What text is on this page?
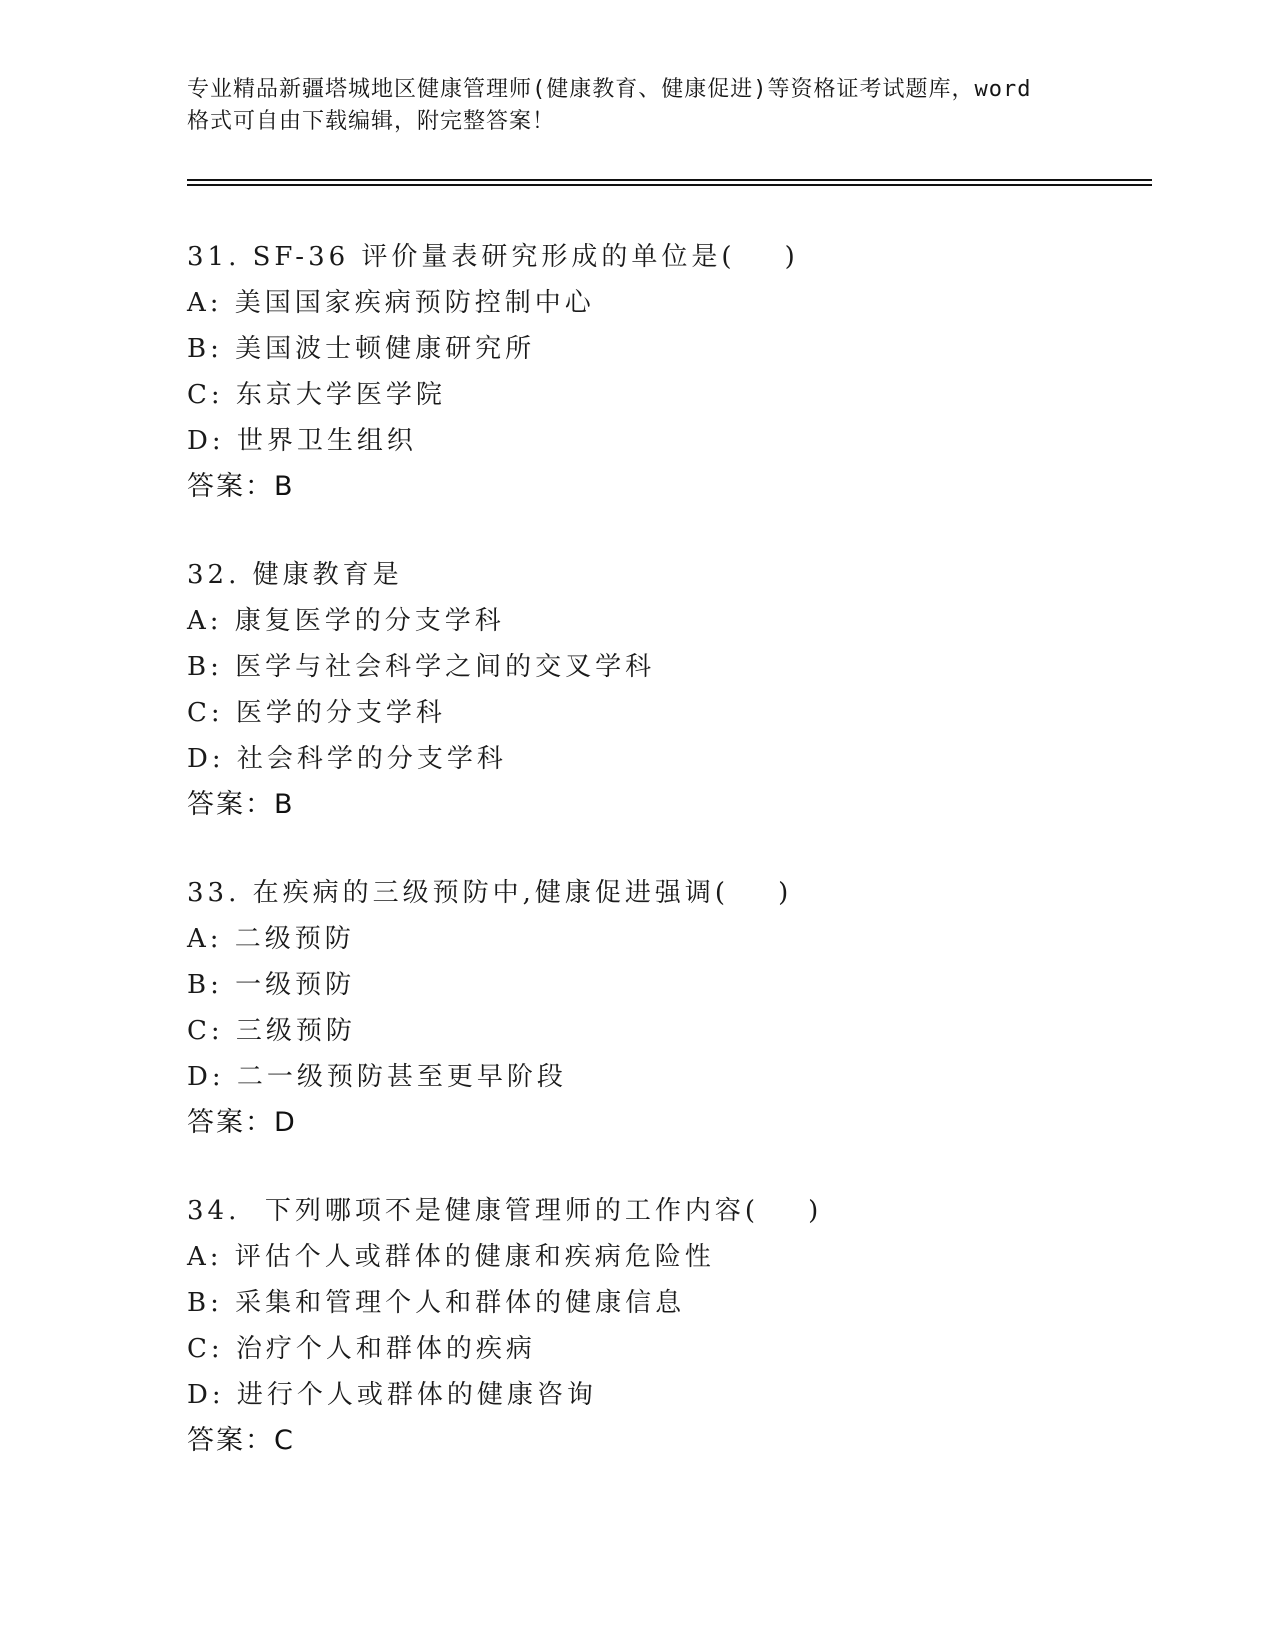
专业精品新疆塔城地区健康管理师(健康教育、健康促进)等资格证考试题库，word
格式可自由下载编辑，附完整答案！

31. SF-36 评价量表研究形成的单位是(    )

A: 美国国家疾病预防控制中心

B: 美国波士顿健康研究所

C: 东京大学医学院

D: 世界卫生组织

答案：B

32. 健康教育是

A: 康复医学的分支学科

B: 医学与社会科学之间的交叉学科

C: 医学的分支学科

D: 社会科学的分支学科

答案：B

33. 在疾病的三级预防中,健康促进强调(    )

A: 二级预防

B: 一级预防

C: 三级预防

D: 二一级预防甚至更早阶段

答案：D

34.  下列哪项不是健康管理师的工作内容(    )

A: 评估个人或群体的健康和疾病危险性

B: 采集和管理个人和群体的健康信息

C: 治疗个人和群体的疾病

D: 进行个人或群体的健康咨询

答案：C
